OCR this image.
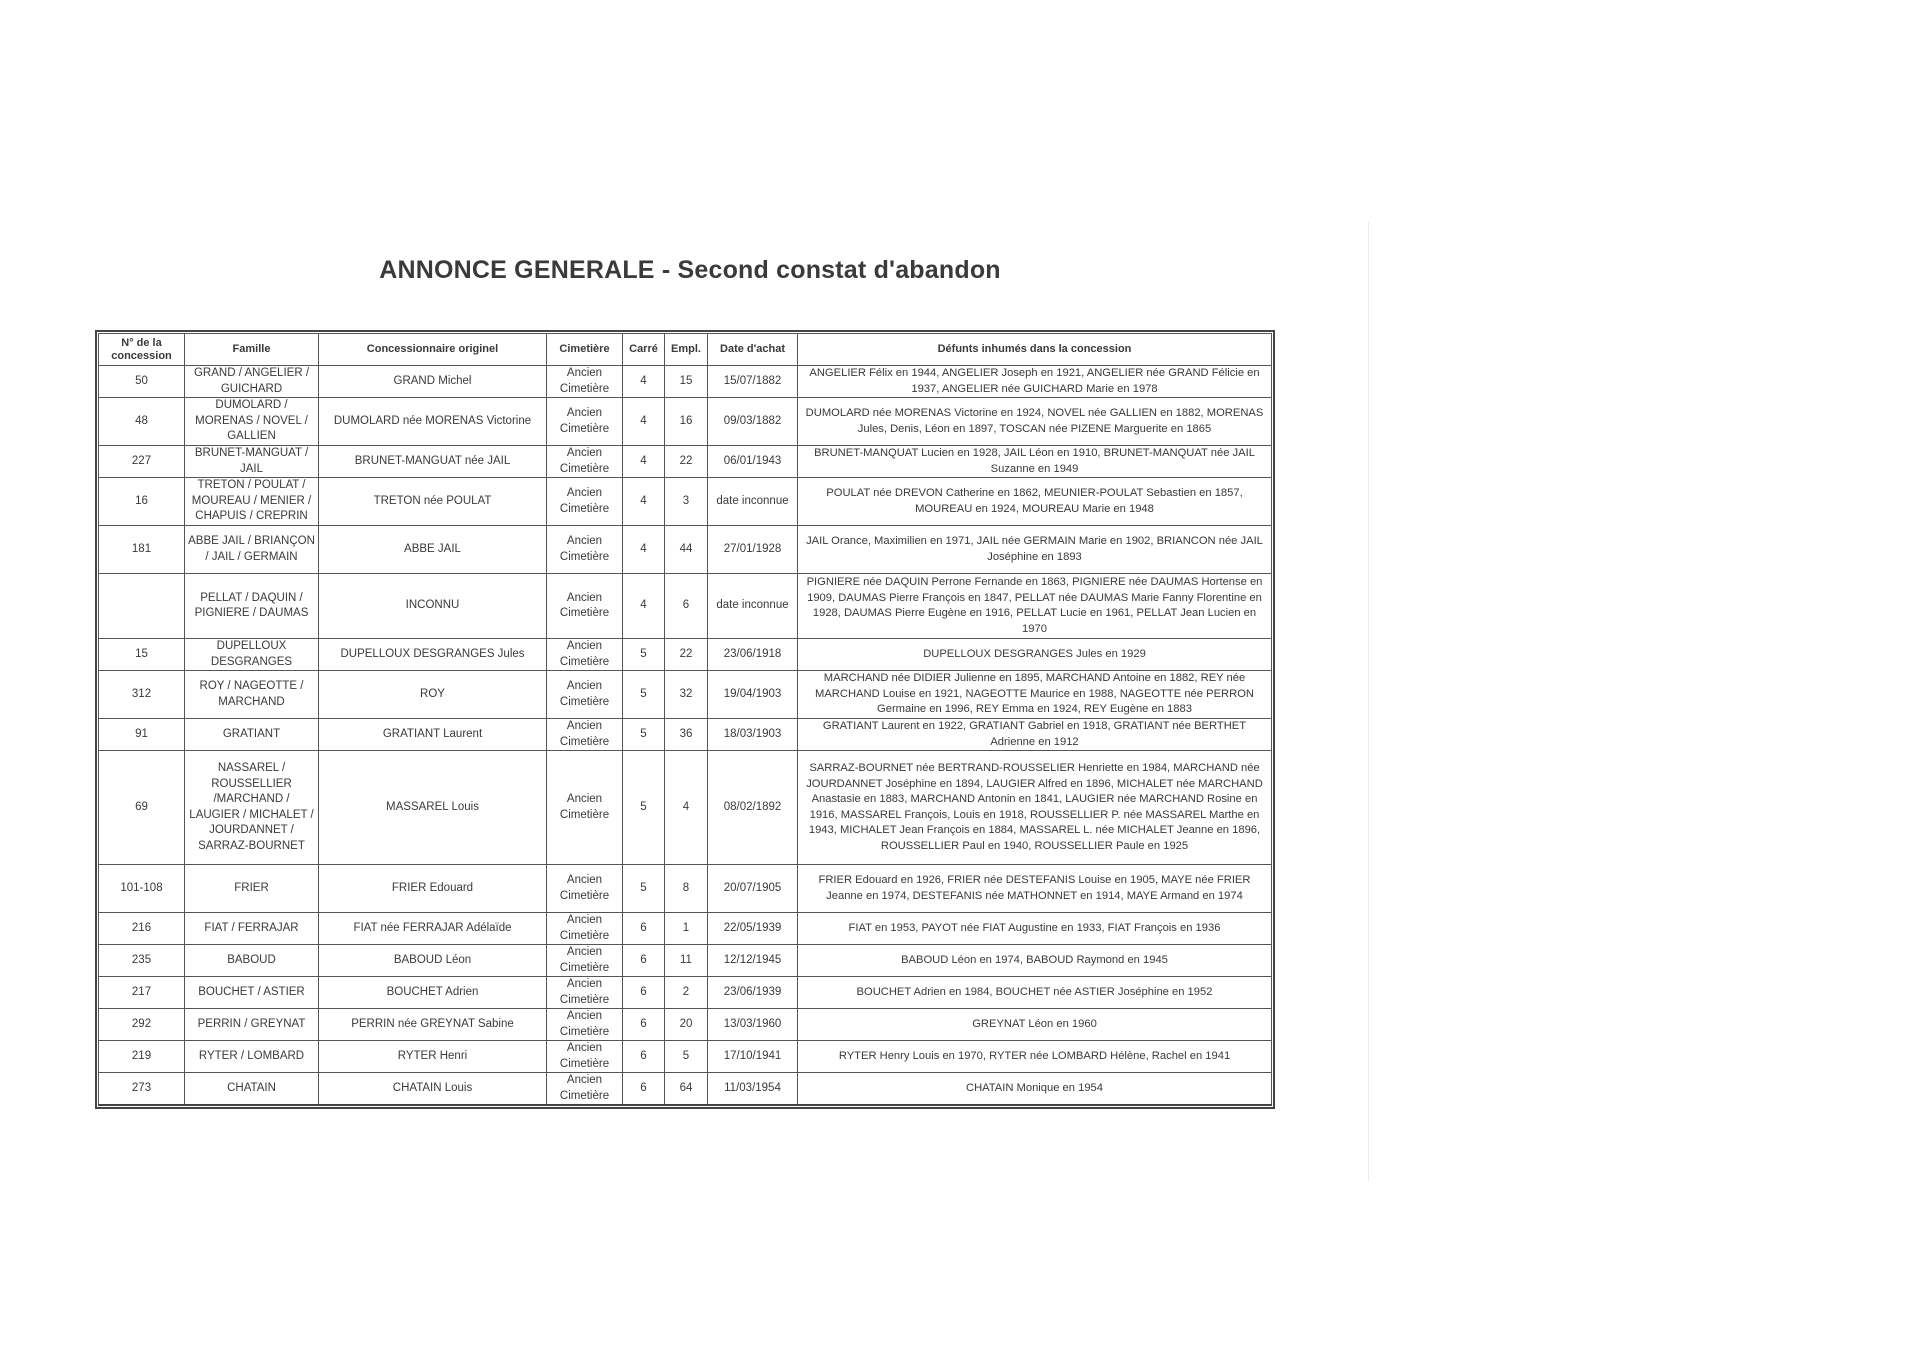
ANNONCE GENERALE - Second constat d'abandon
N° de la concession	Famille	Concessionnaire originel	Cimetière	Carré	Empl.	Date d'achat	Défunts inhumés dans la concession
50	GRAND / ANGELIER / GUICHARD	GRAND Michel	Ancien Cimetière	4	15	15/07/1882	ANGELIER Félix en 1944, ANGELIER Joseph en 1921, ANGELIER née GRAND Félicie en 1937, ANGELIER née GUICHARD Marie en 1978
48	DUMOLARD / MORENAS / NOVEL / GALLIEN	DUMOLARD née MORENAS Victorine	Ancien Cimetière	4	16	09/03/1882	DUMOLARD née MORENAS Victorine en 1924, NOVEL née GALLIEN en 1882, MORENAS Jules, Denis, Léon en 1897, TOSCAN née PIZENE Marguerite en 1865
227	BRUNET-MANGUAT / JAIL	BRUNET-MANGUAT née JAIL	Ancien Cimetière	4	22	06/01/1943	BRUNET-MANQUAT Lucien en 1928, JAIL Léon en 1910, BRUNET-MANQUAT née JAIL Suzanne en 1949
16	TRETON / POULAT / MOUREAU / MENIER / CHAPUIS / CREPRIN	TRETON née POULAT	Ancien Cimetière	4	3	date inconnue	POULAT née DREVON Catherine en 1862, MEUNIER-POULAT Sebastien en 1857, MOUREAU en 1924, MOUREAU Marie en 1948
181	ABBE JAIL / BRIANÇON / JAIL / GERMAIN	ABBE JAIL	Ancien Cimetière	4	44	27/01/1928	JAIL Orance, Maximilien en 1971, JAIL née GERMAIN Marie en 1902, BRIANCON née JAIL Joséphine en 1893
	PELLAT / DAQUIN / PIGNIERE / DAUMAS	INCONNU	Ancien Cimetière	4	6	date inconnue	PIGNIERE née DAQUIN Perrone Fernande en 1863, PIGNIERE née DAUMAS Hortense en 1909, DAUMAS Pierre François en 1847, PELLAT née DAUMAS Marie Fanny Florentine en 1928, DAUMAS Pierre Eugène en 1916, PELLAT Lucie en 1961, PELLAT Jean Lucien en 1970
15	DUPELLOUX DESGRANGES	DUPELLOUX DESGRANGES Jules	Ancien Cimetière	5	22	23/06/1918	DUPELLOUX DESGRANGES Jules en 1929
312	ROY / NAGEOTTE / MARCHAND	ROY	Ancien Cimetière	5	32	19/04/1903	MARCHAND née DIDIER Julienne en 1895, MARCHAND Antoine en 1882, REY née MARCHAND Louise en 1921, NAGEOTTE Maurice en 1988, NAGEOTTE née PERRON Germaine en 1996, REY Emma en 1924, REY Eugène en 1883
91	GRATIANT	GRATIANT Laurent	Ancien Cimetière	5	36	18/03/1903	GRATIANT Laurent en 1922, GRATIANT Gabriel en 1918, GRATIANT née BERTHET Adrienne en 1912
69	NASSAREL / ROUSSELLIER /MARCHAND / LAUGIER / MICHALET / JOURDANNET / SARRAZ-BOURNET	MASSAREL Louis	Ancien Cimetière	5	4	08/02/1892	SARRAZ-BOURNET née BERTRAND-ROUSSELIER Henriette en 1984, MARCHAND née JOURDANNET Joséphine en 1894, LAUGIER Alfred en 1896, MICHALET née MARCHAND Anastasie en 1883, MARCHAND Antonin en 1841, LAUGIER née MARCHAND Rosine en 1916, MASSAREL François, Louis en 1918, ROUSSELLIER P. née MASSAREL Marthe en 1943, MICHALET Jean François en 1884, MASSAREL L. née MICHALET Jeanne en 1896, ROUSSELLIER Paul en 1940, ROUSSELLIER Paule en 1925
101-108	FRIER	FRIER Edouard	Ancien Cimetière	5	8	20/07/1905	FRIER Edouard en 1926, FRIER née DESTEFANIS Louise en 1905, MAYE née FRIER Jeanne en 1974, DESTEFANIS née MATHONNET en 1914, MAYE Armand en 1974
216	FIAT / FERRAJAR	FIAT née FERRAJAR Adélaïde	Ancien Cimetière	6	1	22/05/1939	FIAT en 1953, PAYOT née FIAT Augustine en 1933, FIAT François en 1936
235	BABOUD	BABOUD Léon	Ancien Cimetière	6	11	12/12/1945	BABOUD Léon en 1974, BABOUD Raymond en 1945
217	BOUCHET / ASTIER	BOUCHET Adrien	Ancien Cimetière	6	2	23/06/1939	BOUCHET Adrien en 1984, BOUCHET née ASTIER Joséphine en 1952
292	PERRIN / GREYNAT	PERRIN née GREYNAT Sabine	Ancien Cimetière	6	20	13/03/1960	GREYNAT Léon en 1960
219	RYTER / LOMBARD	RYTER Henri	Ancien Cimetière	6	5	17/10/1941	RYTER Henry Louis en 1970, RYTER née LOMBARD Hélène, Rachel en 1941
273	CHATAIN	CHATAIN Louis	Ancien Cimetière	6	64	11/03/1954	CHATAIN Monique en 1954
